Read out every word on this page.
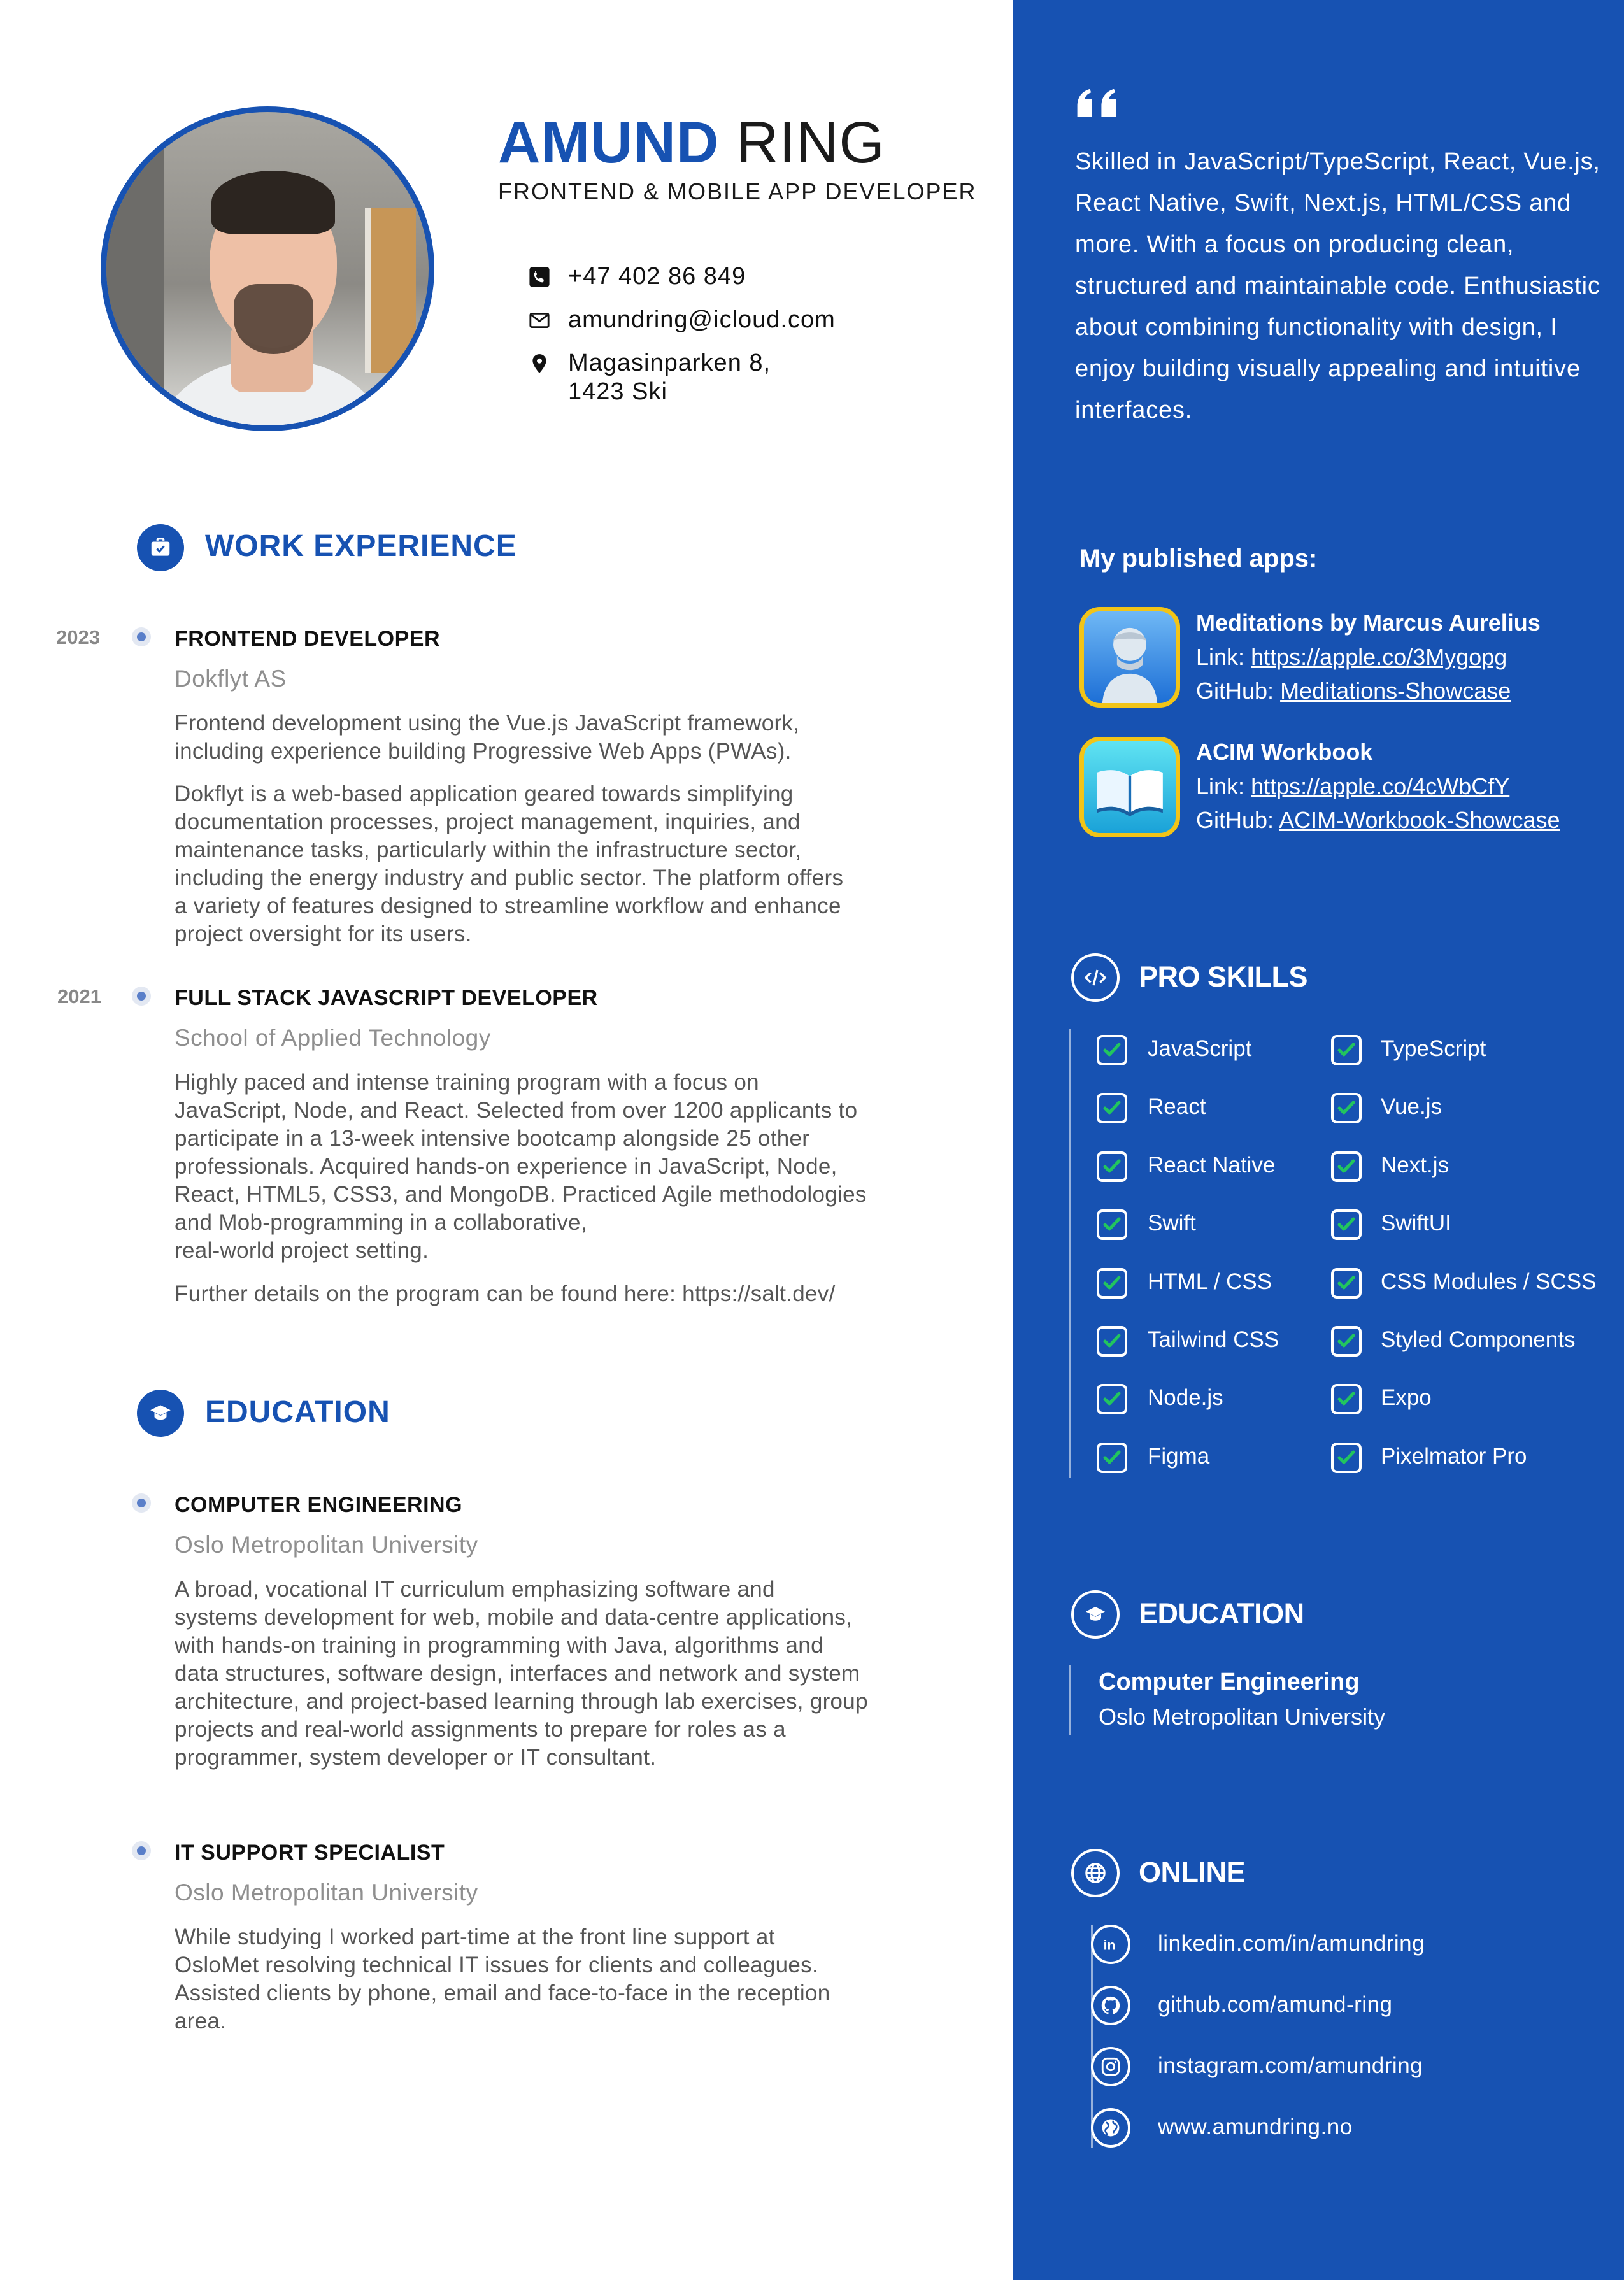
AMUND RING
FRONTEND & MOBILE APP DEVELOPER
+47 402 86 849
amundring@icloud.com
Magasinparken 8,
1423 Ski
WORK EXPERIENCE
2023	FRONTEND DEVELOPER
Dokflyt AS
Frontend development using the Vue.js JavaScript framework,
including experience building Progressive Web Apps (PWAs).
Dokflyt is a web-based application geared towards simplifying
documentation processes, project management, inquiries, and
maintenance tasks, particularly within the infrastructure sector,
including the energy industry and public sector. The platform offers
a variety of features designed to streamline workflow and enhance
project oversight for its users.
2021	FULL STACK JAVASCRIPT DEVELOPER
School of Applied Technology
Highly paced and intense training program with a focus on
JavaScript, Node, and React. Selected from over 1200 applicants to
participate in a 13-week intensive bootcamp alongside 25 other
professionals. Acquired hands-on experience in JavaScript, Node,
React, HTML5, CSS3, and MongoDB. Practiced Agile methodologies
and Mob-programming in a collaborative,
real-world project setting.
Further details on the program can be found here: https://salt.dev/
EDUCATION
COMPUTER ENGINEERING
Oslo Metropolitan University
A broad, vocational IT curriculum emphasizing software and
systems development for web, mobile and data-centre applications,
with hands-on training in programming with Java, algorithms and
data structures, software design, interfaces and network and system
architecture, and project-based learning through lab exercises, group
projects and real-world assignments to prepare for roles as a
programmer, system developer or IT consultant.
IT SUPPORT SPECIALIST
Oslo Metropolitan University
While studying I worked part-time at the front line support at
OsloMet resolving technical IT issues for clients and colleagues.
Assisted clients by phone, email and face-to-face in the reception
area.
Skilled in JavaScript/TypeScript, React, Vue.js, React Native, Swift, Next.js, HTML/CSS and more. With a focus on producing clean, structured and maintainable code. Enthusiastic about combining functionality with design, I enjoy building visually appealing and intuitive interfaces.
My published apps:
Meditations by Marcus Aurelius
Link: https://apple.co/3Mygopg
GitHub: Meditations-Showcase
ACIM Workbook
Link: https://apple.co/4cWbCfY
GitHub: ACIM-Workbook-Showcase
PRO SKILLS
JavaScript
React
React Native
Swift
HTML / CSS
Tailwind CSS
Node.js
Figma
TypeScript
Vue.js
Next.js
SwiftUI
CSS Modules / SCSS
Styled Components
Expo
Pixelmator Pro
EDUCATION
Computer Engineering
Oslo Metropolitan University
ONLINE
in linkedin.com/in/amundring
github.com/amund-ring
instagram.com/amundring
www.amundring.no
